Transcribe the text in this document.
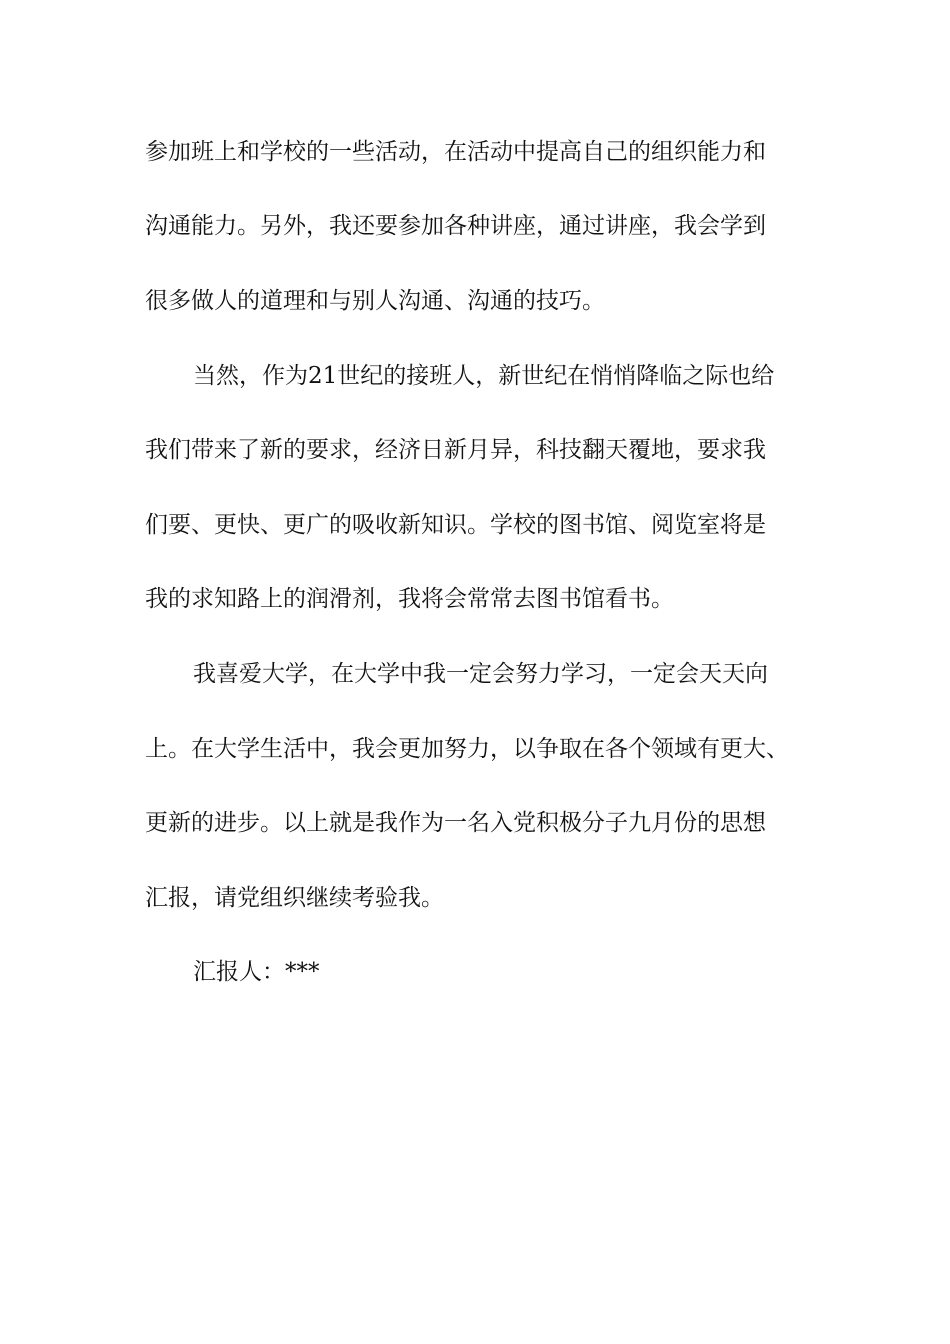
参加班上和学校的一些活动，在活动中提高自己的组织能力和
沟通能力。另外，我还要参加各种讲座，通过讲座，我会学到
很多做人的道理和与别人沟通、沟通的技巧。
当然，作为21世纪的接班人，新世纪在悄悄降临之际也给
我们带来了新的要求，经济日新月异，科技翻天覆地，要求我
们要、更快、更广的吸收新知识。学校的图书馆、阅览室将是
我的求知路上的润滑剂，我将会常常去图书馆看书。
我喜爱大学，在大学中我一定会努力学习，一定会天天向
上。在大学生活中，我会更加努力，以争取在各个领域有更大、
更新的进步。以上就是我作为一名入党积极分子九月份的思想
汇报，请党组织继续考验我。
汇报人：***
